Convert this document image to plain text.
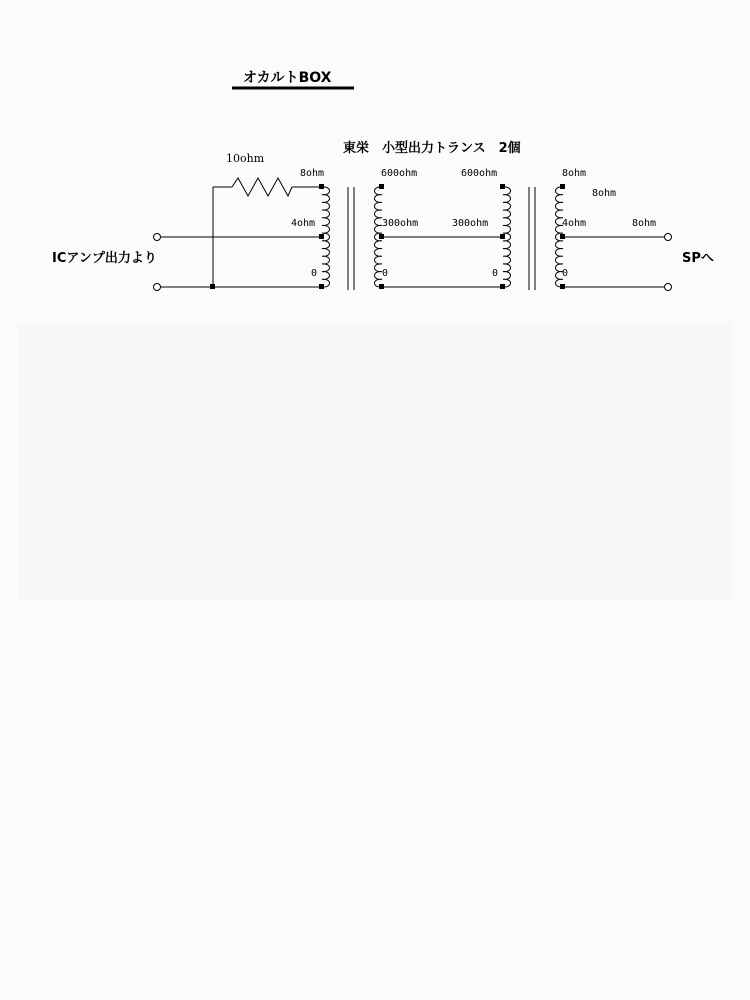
オカルトBOX
東栄　小型出力トランス　2個
ICアンプ出力より	SPへ
10ohm
8ohm
4ohm
0
600ohm
300ohm
0
600ohm
300ohm
0
8ohm
8ohm
4ohm
0
8ohm
